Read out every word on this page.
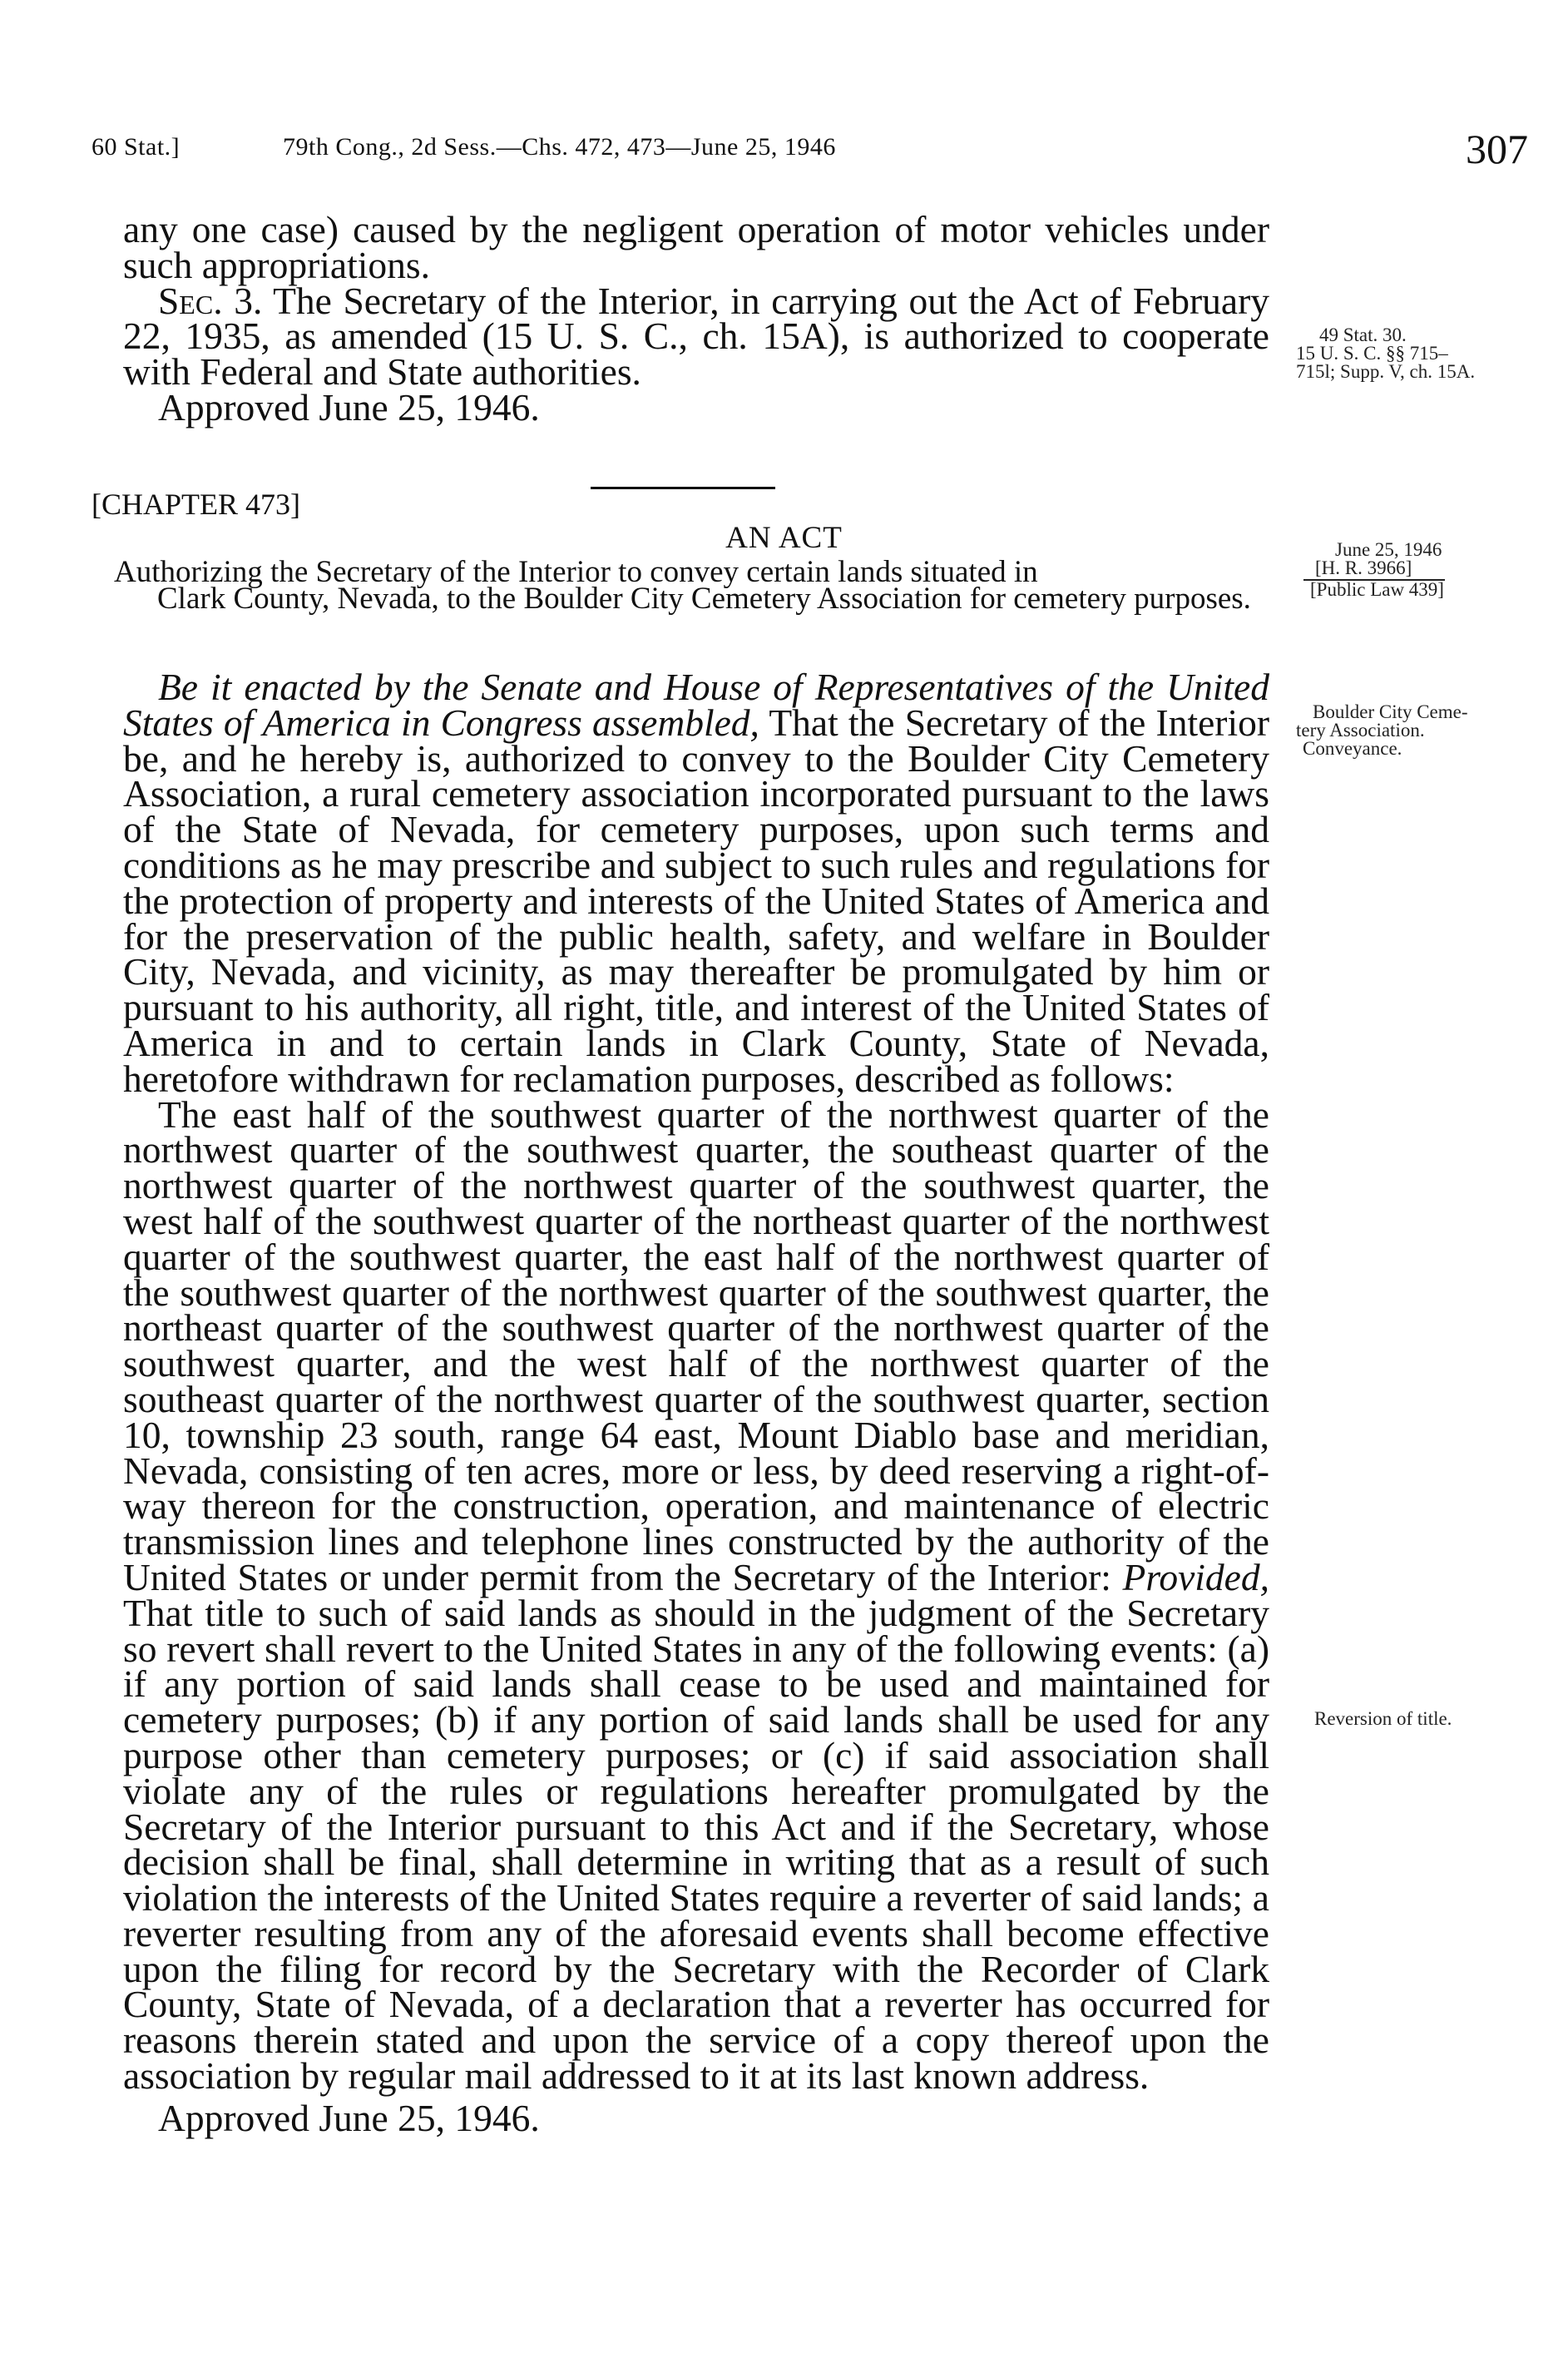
60 Stat.]	79th Cong., 2d Sess.—Chs. 472, 473—June 25, 1946	307

any one case) caused by the negligent operation of motor vehicles under such appropriations.

Sec. 3. The Secretary of the Interior, in carrying out the Act of February 22, 1935, as amended (15 U. S. C., ch. 15A), is authorized to cooperate with Federal and State authorities.

Approved June 25, 1946.

49 Stat. 30.
15 U. S. C. §§ 715–
715l; Supp. V, ch. 15A.
[CHAPTER 473]
AN ACT

Authorizing the Secretary of the Interior to convey certain lands situated in

Clark County, Nevada, to the Boulder City Cemetery Association for cemetery purposes.

June 25, 1946
[H. R. 3966]
[Public Law 439]
Boulder City Ceme-
tery Association.
Conveyance.
Reversion of title.

Be it enacted by the Senate and House of Representatives of the United States of America in Congress assembled, That the Secretary of the Interior be, and he hereby is, authorized to convey to the Boulder City Cemetery Association, a rural cemetery association incorporated pursuant to the laws of the State of Nevada, for cemetery purposes, upon such terms and conditions as he may prescribe and subject to such rules and regulations for the protection of property and interests of the United States of America and for the preservation of the public health, safety, and welfare in Boulder City, Nevada, and vicinity, as may thereafter be promulgated by him or pursuant to his authority, all right, title, and interest of the United States of America in and to certain lands in Clark County, State of Nevada, heretofore withdrawn for reclamation purposes, described as follows:

The east half of the southwest quarter of the northwest quarter of the northwest quarter of the southwest quarter, the southeast quarter of the northwest quarter of the northwest quarter of the southwest quarter, the west half of the southwest quarter of the northeast quarter of the northwest quarter of the southwest quarter, the east half of the northwest quarter of the southwest quarter of the northwest quarter of the southwest quarter, the northeast quarter of the southwest quarter of the northwest quarter of the southwest quarter, and the west half of the northwest quarter of the southeast quarter of the northwest quarter of the southwest quarter, section 10, township 23 south, range 64 east, Mount Diablo base and meridian, Nevada, consisting of ten acres, more or less, by deed reserving a right-of-way thereon for the construction, operation, and maintenance of electric transmission lines and telephone lines constructed by the authority of the United States or under permit from the Secretary of the Interior: Provided, That title to such of said lands as should in the judgment of the Secretary so revert shall revert to the United States in any of the following events: (a) if any portion of said lands shall cease to be used and maintained for cemetery purposes; (b) if any portion of said lands shall be used for any purpose other than cemetery purposes; or (c) if said association shall violate any of the rules or regulations hereafter promulgated by the Secretary of the Interior pursuant to this Act and if the Secretary, whose decision shall be final, shall determine in writing that as a result of such violation the interests of the United States require a reverter of said lands; a reverter resulting from any of the aforesaid events shall become effective upon the filing for record by the Secretary with the Recorder of Clark County, State of Nevada, of a declaration that a reverter has occurred for reasons therein stated and upon the service of a copy thereof upon the association by regular mail addressed to it at its last known address.

Approved June 25, 1946.
